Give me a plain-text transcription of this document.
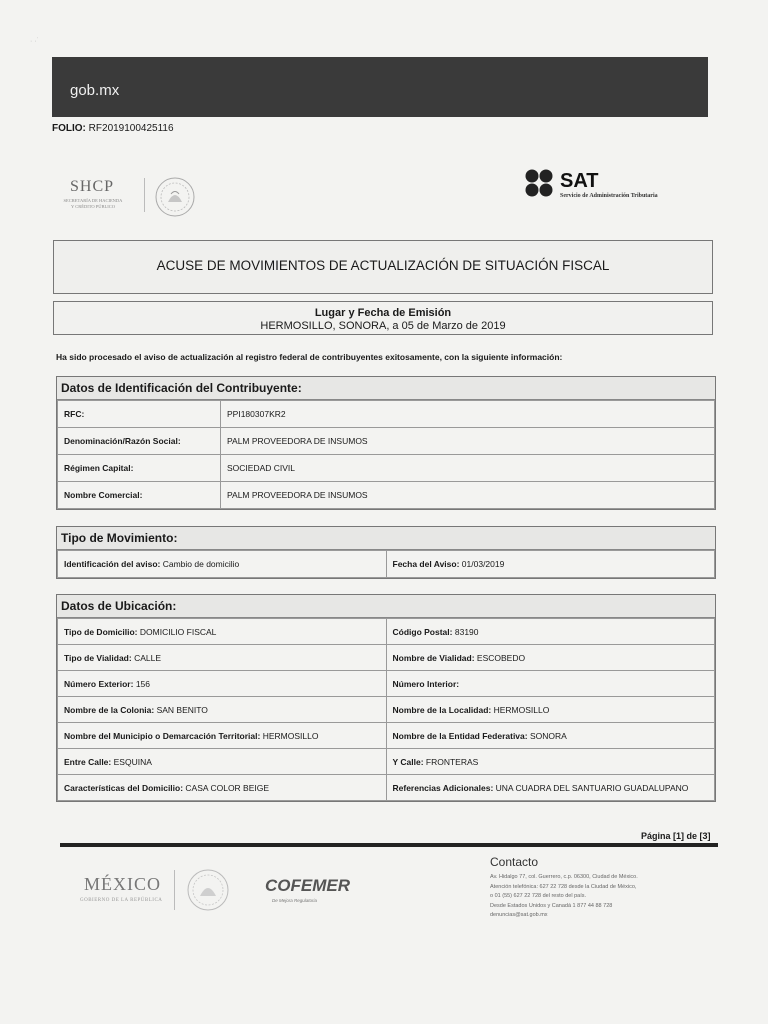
· ·˙
gob.mx
FOLIO: RF2019100425116
SHCP
SECRETARÍA DE HACIENDA
Y CRÉDITO PÚBLICO
SAT
Servicio de Administración Tributaria
ACUSE DE MOVIMIENTOS DE ACTUALIZACIÓN DE SITUACIÓN FISCAL
Lugar y Fecha de Emisión
HERMOSILLO, SONORA, a 05 de Marzo de 2019
Ha sido procesado el aviso de actualización al registro federal de contribuyentes exitosamente, con la siguiente información:
Datos de Identificación del Contribuyente:
RFC:	PPI180307KR2
Denominación/Razón Social:	PALM PROVEEDORA DE INSUMOS
Régimen Capital:	SOCIEDAD CIVIL
Nombre Comercial:	PALM PROVEEDORA DE INSUMOS
Tipo de Movimiento:
Identificación del aviso: Cambio de domicilio	Fecha del Aviso: 01/03/2019
Datos de Ubicación:
Tipo de Domicilio: DOMICILIO FISCAL	Código Postal: 83190
Tipo de Vialidad: CALLE	Nombre de Vialidad: ESCOBEDO
Número Exterior: 156	Número Interior:
Nombre de la Colonia: SAN BENITO	Nombre de la Localidad: HERMOSILLO
Nombre del Municipio o Demarcación Territorial: HERMOSILLO	Nombre de la Entidad Federativa: SONORA
Entre Calle: ESQUINA	Y Calle: FRONTERAS
Características del Domicilio: CASA COLOR BEIGE	Referencias Adicionales: UNA CUADRA DEL SANTUARIO GUADALUPANO
Página [1] de [3]
MÉXICO
GOBIERNO DE LA REPÚBLICA
COFEMER
De Mejora Regulatoria
Contacto
Av. Hidalgo 77, col. Guerrero, c.p. 06300, Ciudad de México.
Atención telefónica: 627 22 728 desde la Ciudad de México,
o 01 (55) 627 22 728 del resto del país.
Desde Estados Unidos y Canadá 1 877 44 88 728
denuncias@sat.gob.mx
